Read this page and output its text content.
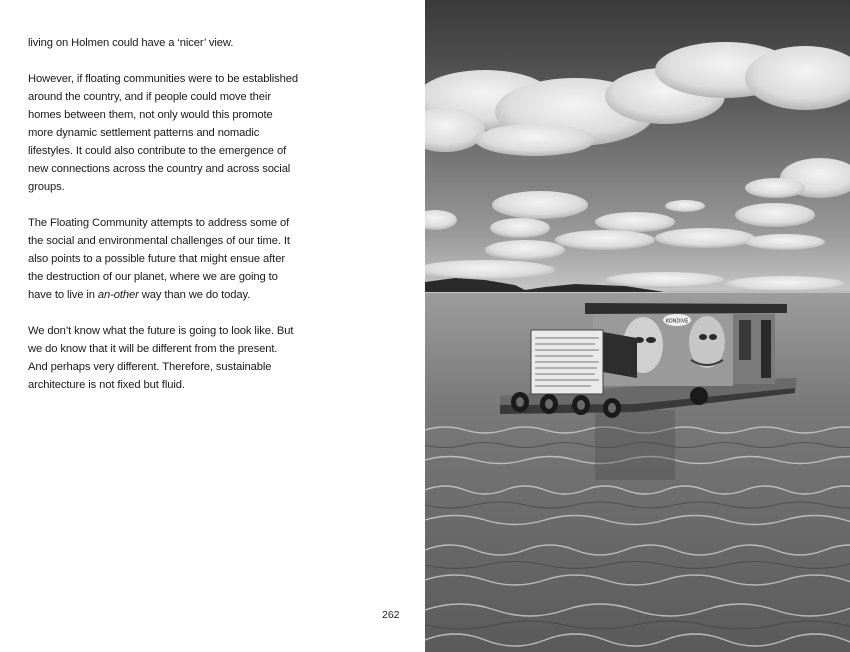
living on Holmen could have a ‘nicer’ view.

However, if floating communities were to be established
around the country, and if people could move their
homes between them, not only would this promote
more dynamic settlement patterns and nomadic
lifestyles. It could also contribute to the emergence of
new connections across the country and across social
groups.

The Floating Community attempts to address some of
the social and environmental challenges of our time. It
also points to a possible future that might ensue after
the destruction of our planet, where we are going to
have to live in an-other way than we do today.

We don’t know what the future is going to look like. But
we do know that it will be different from the present.
And perhaps very different. Therefore, sustainable
architecture is not fixed but fluid.

262
KONDIVE
